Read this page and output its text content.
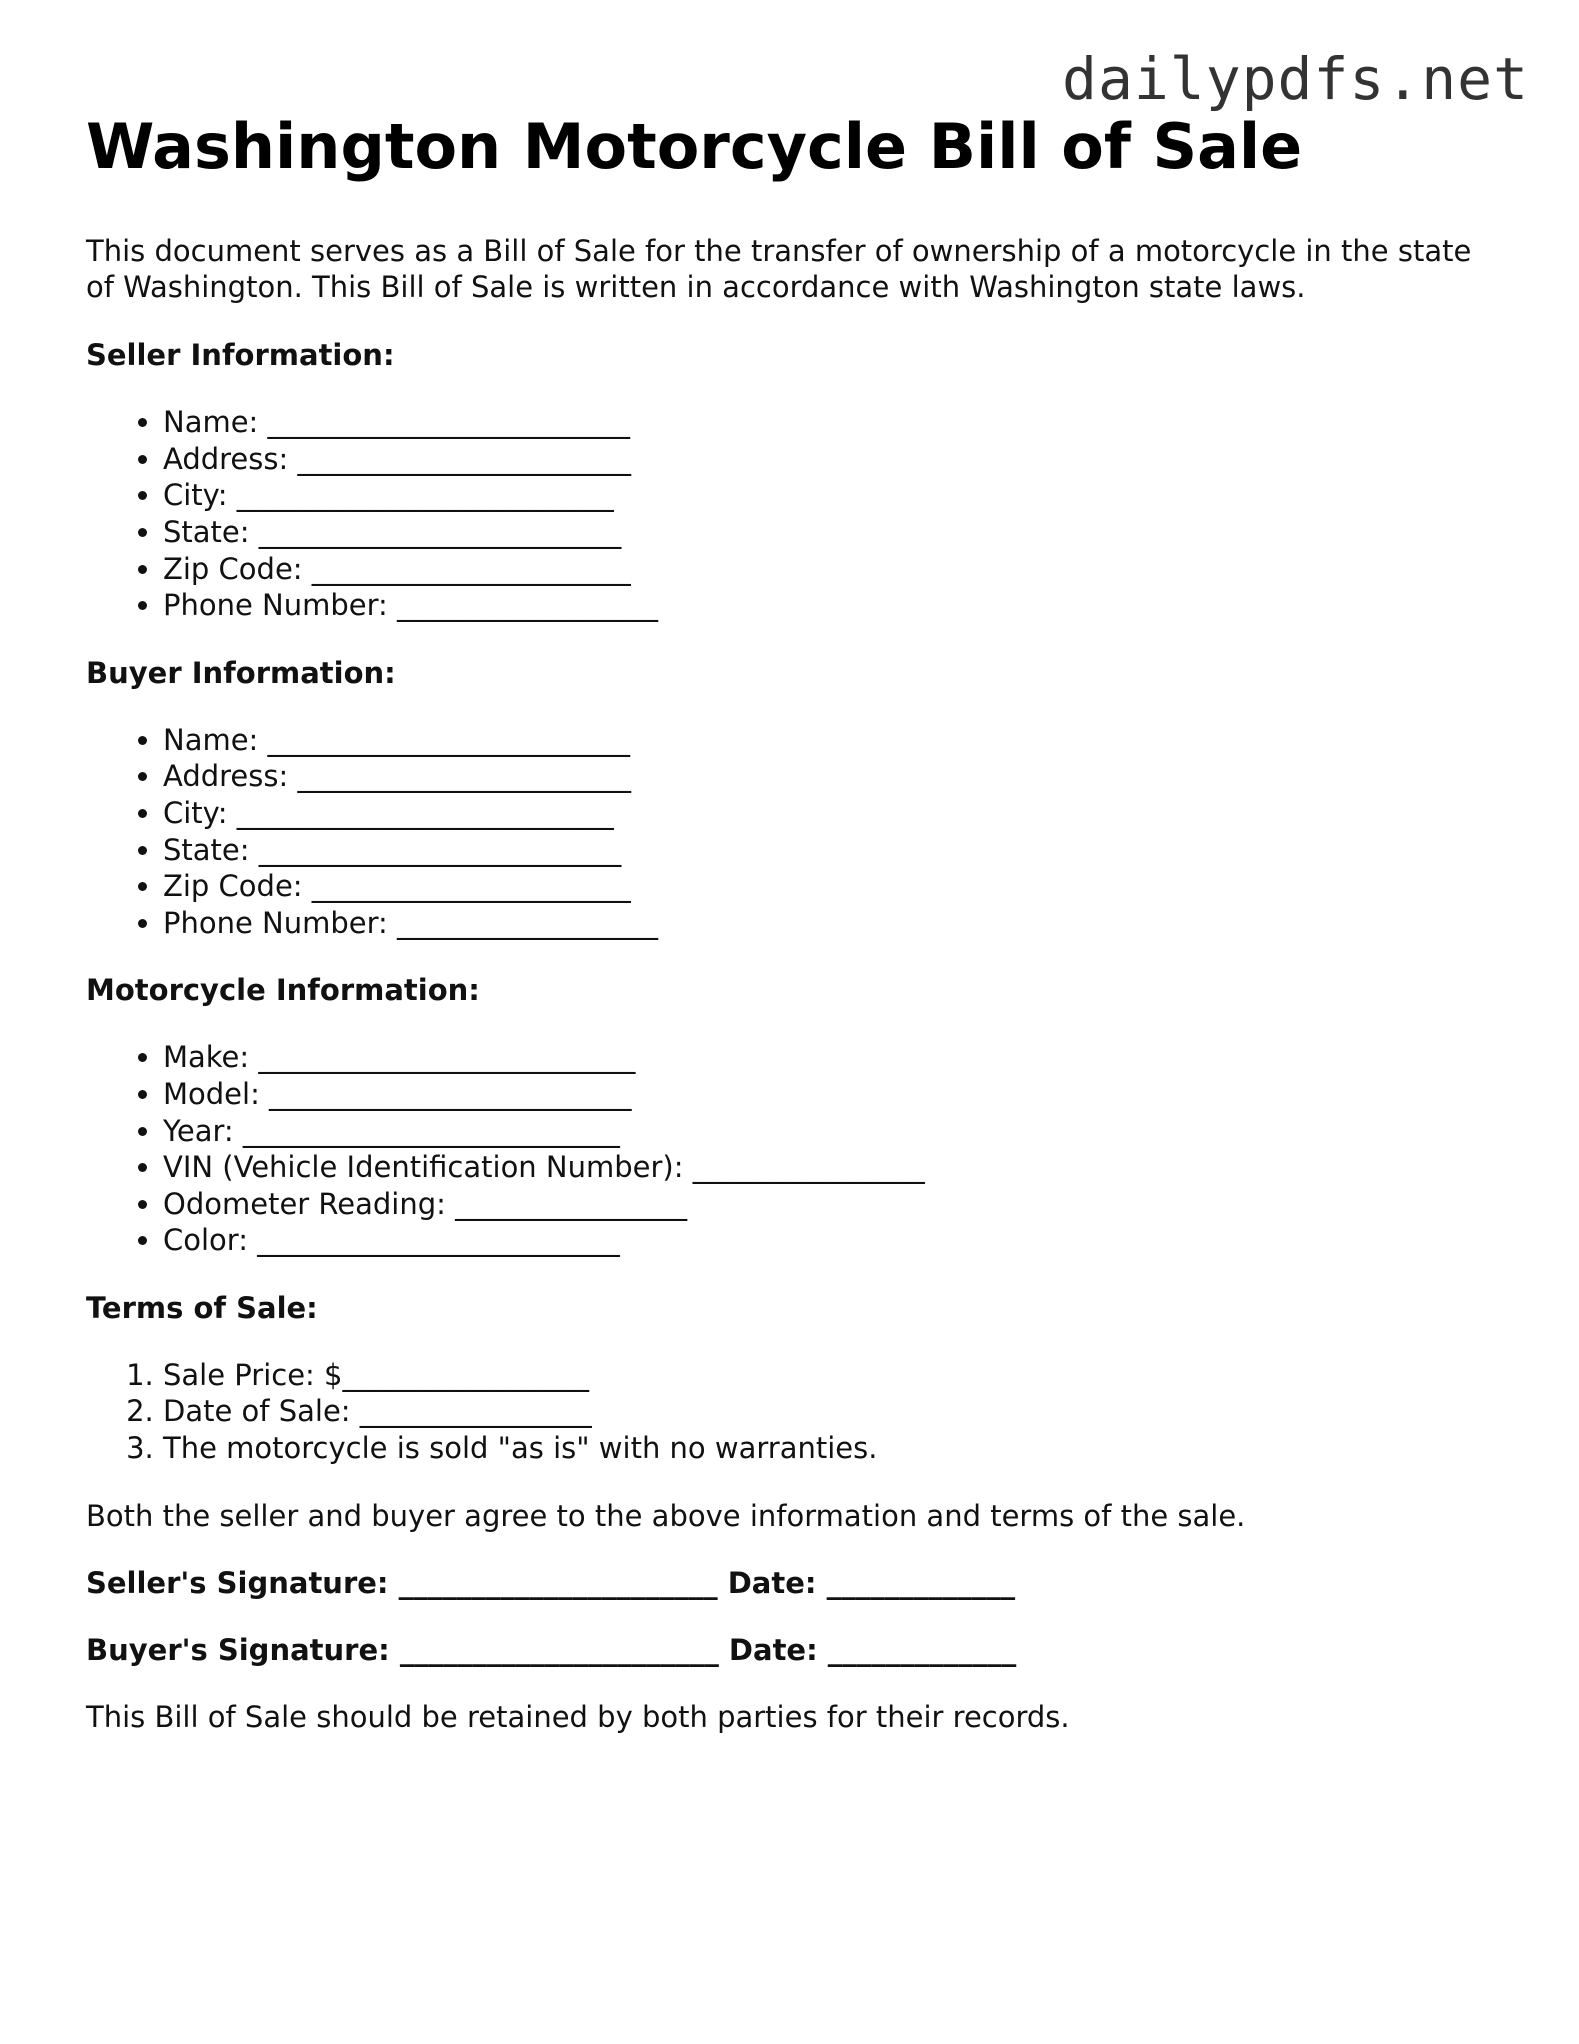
dailypdfs.net
Washington Motorcycle Bill of Sale

This document serves as a Bill of Sale for the transfer of ownership of a motorcycle in the state of Washington. This Bill of Sale is written in accordance with Washington state laws.

Seller Information:
• Name: _________________________
• Address: _______________________
• City: __________________________
• State: _________________________
• Zip Code: ______________________
• Phone Number: __________________
Buyer Information:
• Name: _________________________
• Address: _______________________
• City: __________________________
• State: _________________________
• Zip Code: ______________________
• Phone Number: __________________
Motorcycle Information:
• Make: __________________________
• Model: _________________________
• Year: __________________________
• VIN (Vehicle Identification Number): ________________
• Odometer Reading: ________________
• Color: _________________________
Terms of Sale:
1. Sale Price: $_________________
2. Date of Sale: ________________
3. The motorcycle is sold "as is" with no warranties.

Both the seller and buyer agree to the above information and terms of the sale.

Seller's Signature: ______________________ Date: _____________

Buyer's Signature: ______________________ Date: _____________

This Bill of Sale should be retained by both parties for their records.
